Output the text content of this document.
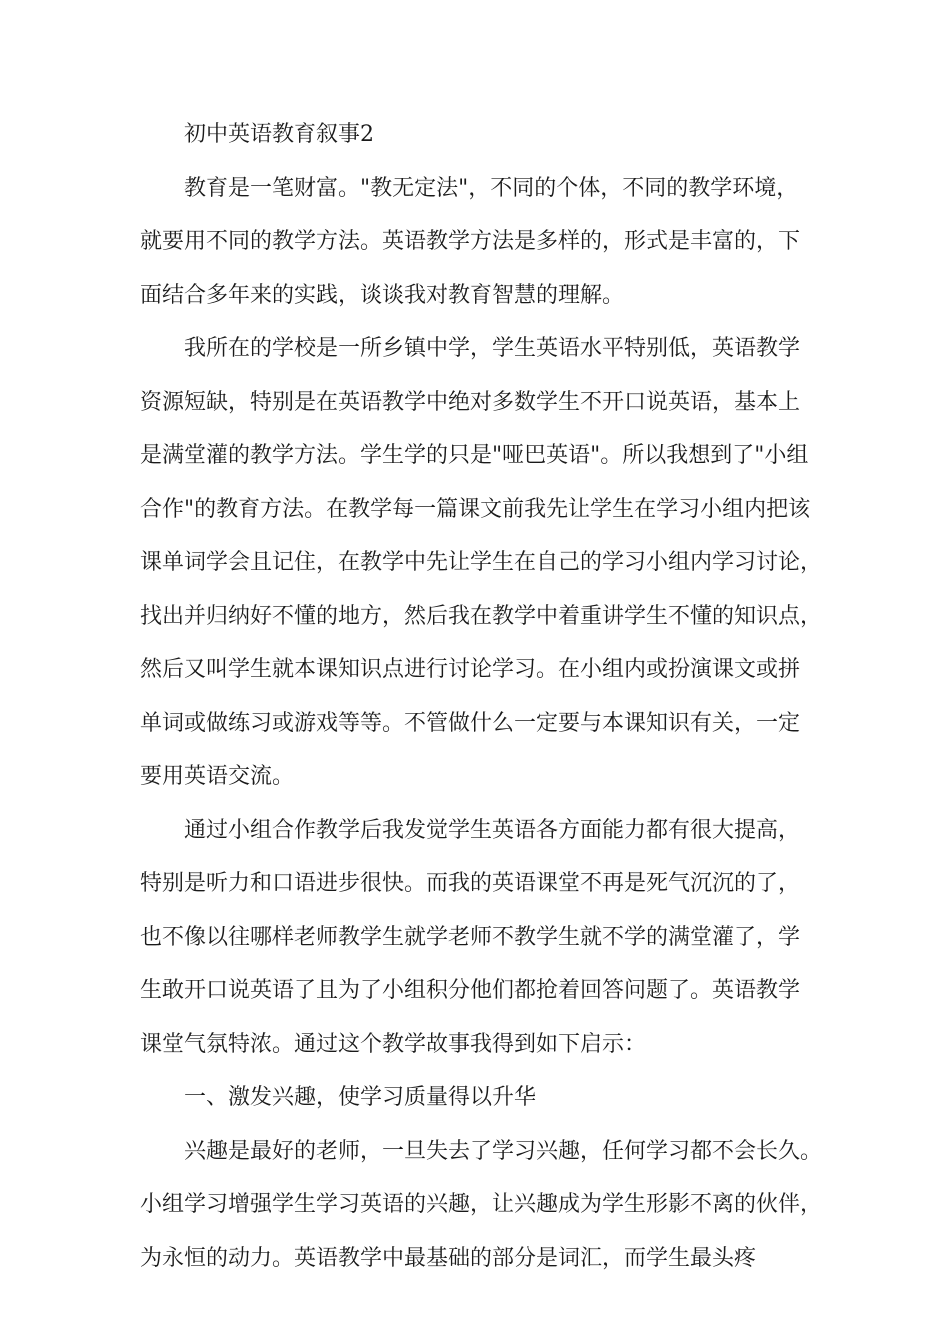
初中英语教育叙事2
教育是一笔财富。"教无定法"，不同的个体，不同的教学环境，
就要用不同的教学方法。英语教学方法是多样的，形式是丰富的，下
面结合多年来的实践，谈谈我对教育智慧的理解。
我所在的学校是一所乡镇中学，学生英语水平特别低，英语教学
资源短缺，特别是在英语教学中绝对多数学生不开口说英语，基本上
是满堂灌的教学方法。学生学的只是"哑巴英语"。所以我想到了"小组
合作"的教育方法。在教学每一篇课文前我先让学生在学习小组内把该
课单词学会且记住，在教学中先让学生在自己的学习小组内学习讨论，
找出并归纳好不懂的地方，然后我在教学中着重讲学生不懂的知识点，
然后又叫学生就本课知识点进行讨论学习。在小组内或扮演课文或拼
单词或做练习或游戏等等。不管做什么一定要与本课知识有关，一定
要用英语交流。
通过小组合作教学后我发觉学生英语各方面能力都有很大提高，
特别是听力和口语进步很快。而我的英语课堂不再是死气沉沉的了，
也不像以往哪样老师教学生就学老师不教学生就不学的满堂灌了，学
生敢开口说英语了且为了小组积分他们都抢着回答问题了。英语教学
课堂气氛特浓。通过这个教学故事我得到如下启示：
一、激发兴趣，使学习质量得以升华
兴趣是最好的老师，一旦失去了学习兴趣，任何学习都不会长久。
小组学习增强学生学习英语的兴趣，让兴趣成为学生形影不离的伙伴，
为永恒的动力。英语教学中最基础的部分是词汇，而学生最头疼
